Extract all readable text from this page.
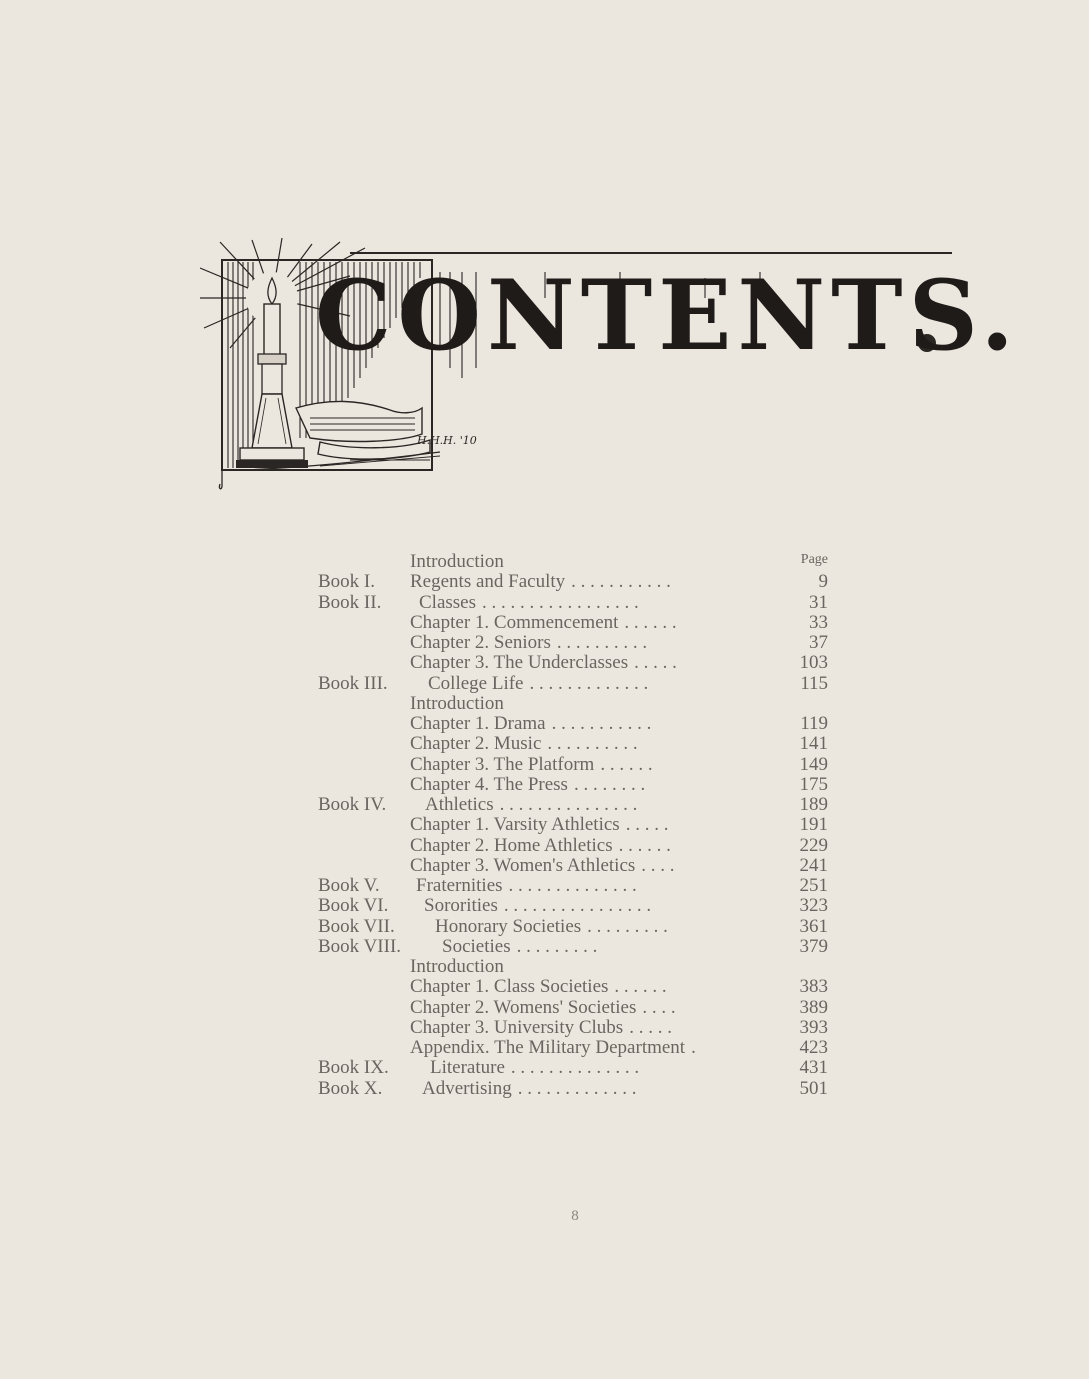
CONTENTS.
H.H.H. '10
Page
Introduction
Book I. Regents and Faculty . . . . . . . . . . .	9
Book II. Classes . . . . . . . . . . . . . . . . .	31
Chapter 1. Commencement . . . . . .	33
Chapter 2. Seniors . . . . . . . . . .	37
Chapter 3. The Underclasses . . . . .	103
Book III. College Life . . . . . . . . . . . . .	115
Introduction
Chapter 1. Drama . . . . . . . . . . .	119
Chapter 2. Music . . . . . . . . . .	141
Chapter 3. The Platform . . . . . .	149
Chapter 4. The Press . . . . . . . .	175
Book IV. Athletics . . . . . . . . . . . . . . .	189
Chapter 1. Varsity Athletics . . . . .	191
Chapter 2. Home Athletics . . . . . .	229
Chapter 3. Women's Athletics . . . .	241
Book V. Fraternities . . . . . . . . . . . . . .	251
Book VI. Sororities . . . . . . . . . . . . . . . .	323
Book VII. Honorary Societies . . . . . . . . .	361
Book VIII. Societies . . . . . . . . .	379
Introduction
Chapter 1. Class Societies . . . . . .	383
Chapter 2. Womens' Societies . . . .	389
Chapter 3. University Clubs . . . . .	393
Appendix. The Military Department .	423
Book IX. Literature . . . . . . . . . . . . . .	431
Book X. Advertising . . . . . . . . . . . . .	501
8
